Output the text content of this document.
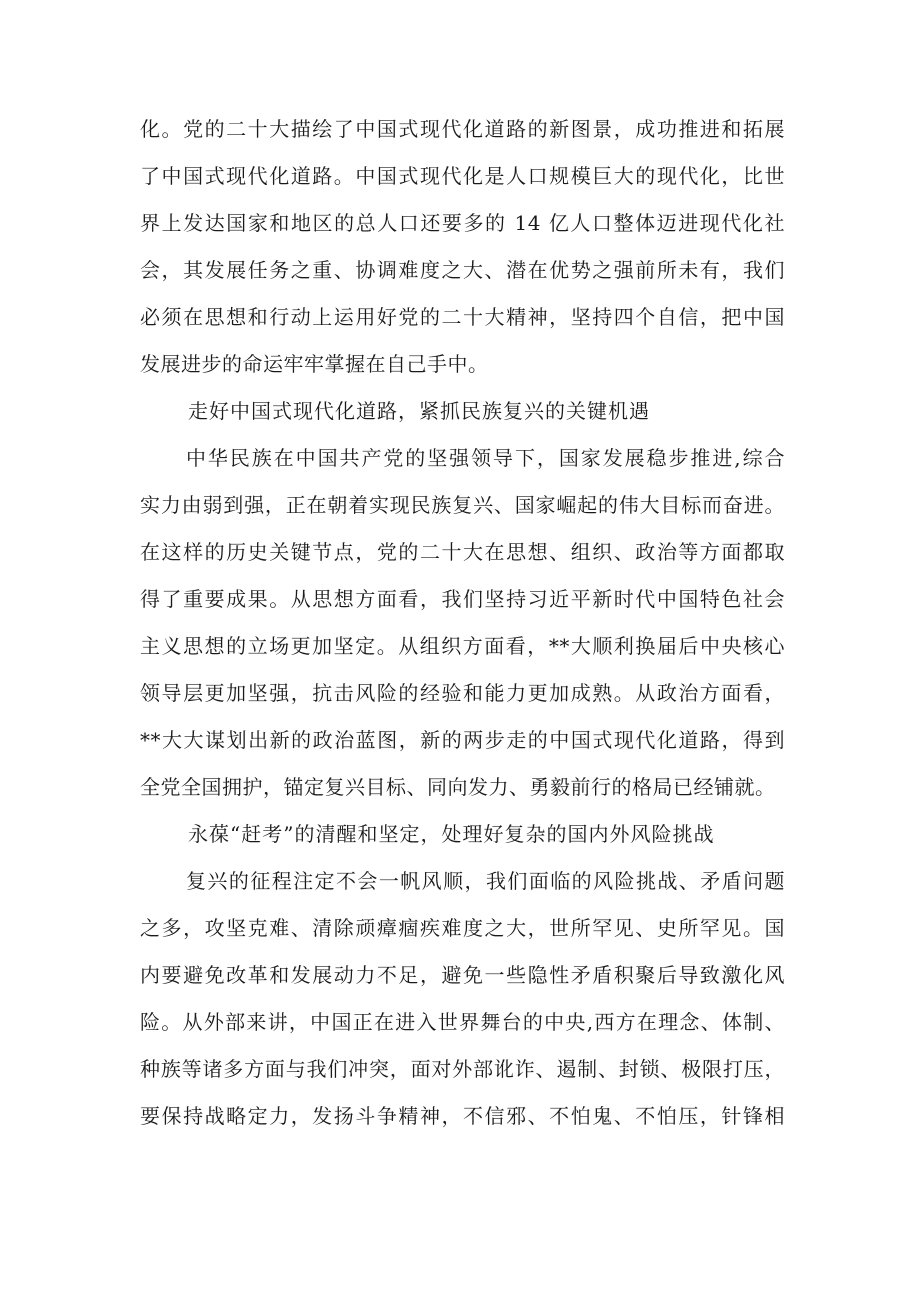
化。党的二十大描绘了中国式现代化道路的新图景，成功推进和拓展
了中国式现代化道路。中国式现代化是人口规模巨大的现代化，比世
界上发达国家和地区的总人口还要多的 14 亿人口整体迈进现代化社
会，其发展任务之重、协调难度之大、潜在优势之强前所未有，我们
必须在思想和行动上运用好党的二十大精神，坚持四个自信，把中国
发展进步的命运牢牢掌握在自己手中。
走好中国式现代化道路，紧抓民族复兴的关键机遇
中华民族在中国共产党的坚强领导下，国家发展稳步推进,综合
实力由弱到强，正在朝着实现民族复兴、国家崛起的伟大目标而奋进。
在这样的历史关键节点，党的二十大在思想、组织、政治等方面都取
得了重要成果。从思想方面看，我们坚持习近平新时代中国特色社会
主义思想的立场更加坚定。从组织方面看，**大顺利换届后中央核心
领导层更加坚强，抗击风险的经验和能力更加成熟。从政治方面看，
**大大谋划出新的政治蓝图，新的两步走的中国式现代化道路，得到
全党全国拥护，锚定复兴目标、同向发力、勇毅前行的格局已经铺就。
永葆“赶考”的清醒和坚定，处理好复杂的国内外风险挑战
复兴的征程注定不会一帆风顺，我们面临的风险挑战、矛盾问题
之多，攻坚克难、清除顽瘴痼疾难度之大，世所罕见、史所罕见。国
内要避免改革和发展动力不足，避免一些隐性矛盾积聚后导致激化风
险。从外部来讲，中国正在进入世界舞台的中央,西方在理念、体制、
种族等诸多方面与我们冲突，面对外部讹诈、遏制、封锁、极限打压，
要保持战略定力，发扬斗争精神，不信邪、不怕鬼、不怕压，针锋相
